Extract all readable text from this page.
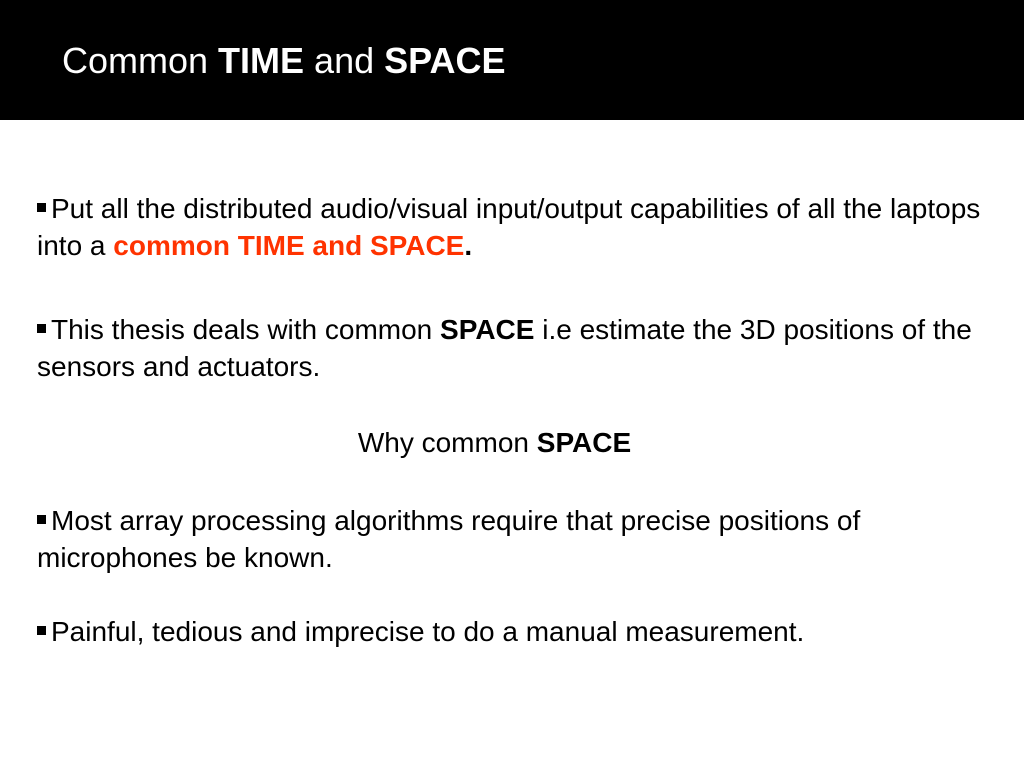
Common TIME and SPACE

Put all the distributed audio/visual input/output capabilities of all the laptops into a common TIME and SPACE.

This thesis deals with common SPACE i.e estimate the 3D positions of the sensors and actuators.

Why common SPACE

Most array processing algorithms require that precise positions of microphones be known.

Painful, tedious and imprecise to do a manual measurement.
